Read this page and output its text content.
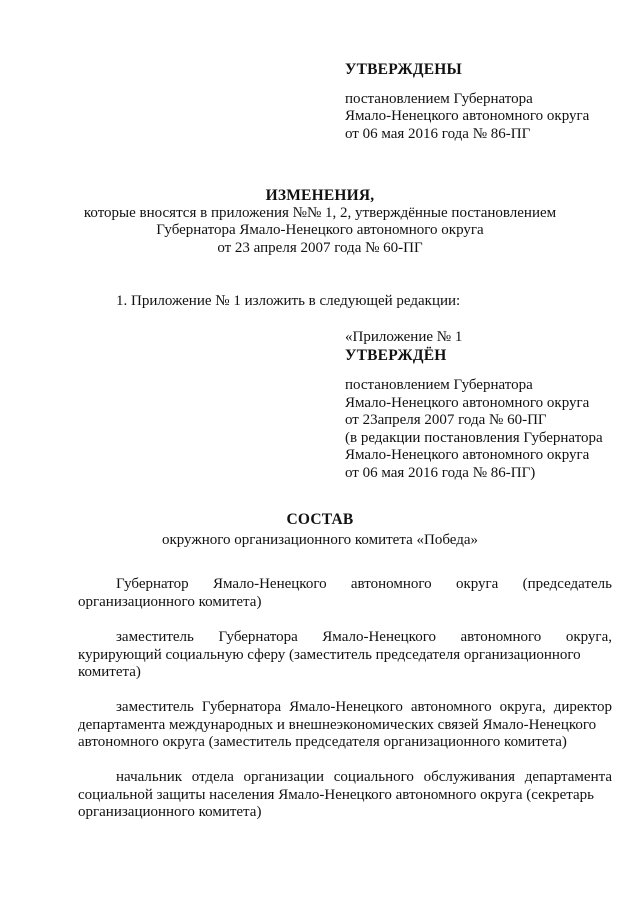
УТВЕРЖДЕНЫ
постановлением Губернатора
Ямало-Ненецкого автономного округа
от 06 мая 2016 года № 86-ПГ
ИЗМЕНЕНИЯ,
которые вносятся в приложения №№ 1, 2, утверждённые постановлением
Губернатора Ямало-Ненецкого автономного округа
от 23 апреля 2007 года № 60-ПГ
1. Приложение № 1 изложить в следующей редакции:
«Приложение № 1
УТВЕРЖДЁН
постановлением Губернатора
Ямало-Ненецкого автономного округа
от 23апреля 2007 года № 60-ПГ
(в редакции постановления Губернатора
Ямало-Ненецкого автономного округа
от 06 мая 2016 года № 86-ПГ)
СОСТАВ
окружного организационного комитета «Победа»
Губернатор Ямало-Ненецкого автономного округа (председатель
организационного комитета)
заместитель Губернатора Ямало-Ненецкого автономного округа,
курирующий социальную сферу (заместитель председателя организационного
комитета)
заместитель Губернатора Ямало-Ненецкого автономного округа, директор
департамента международных и внешнеэкономических связей Ямало-Ненецкого
автономного округа (заместитель председателя организационного комитета)
начальник отдела организации социального обслуживания департамента
социальной защиты населения Ямало-Ненецкого автономного округа (секретарь
организационного комитета)
